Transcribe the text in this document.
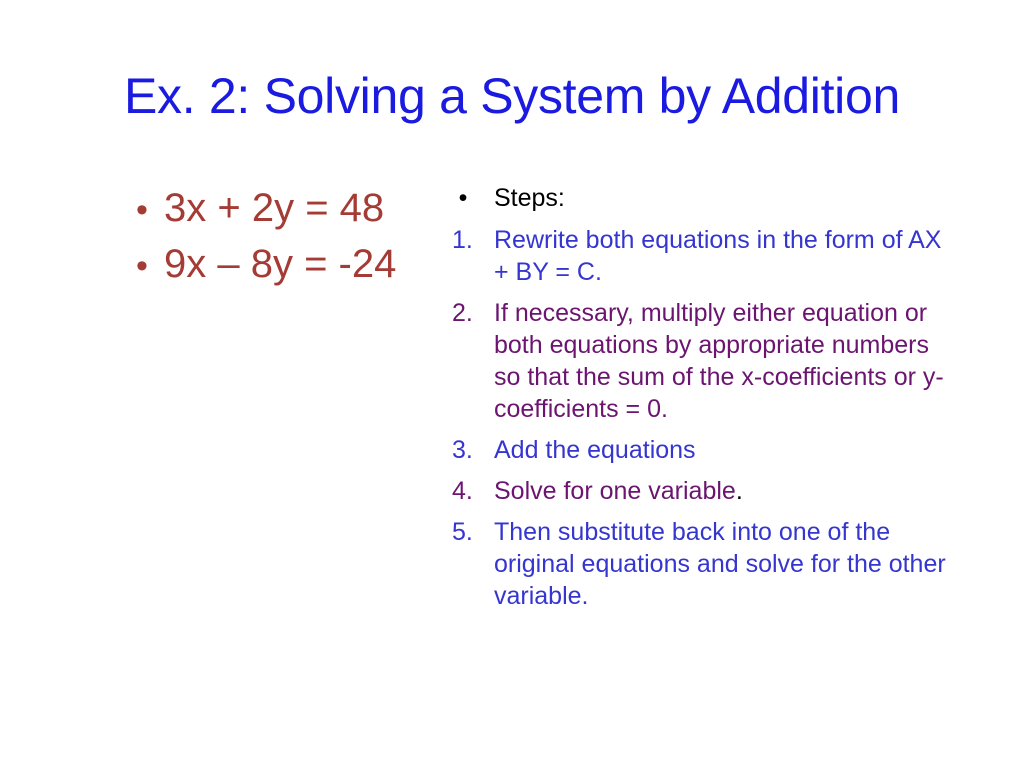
Ex. 2: Solving a System by Addition
• 3x + 2y = 48
• 9x – 8y = -24
• Steps:
1. Rewrite both equations in the form of AX + BY = C.
2. If necessary, multiply either equation or both equations by appropriate numbers so that the sum of the x-coefficients or y-coefficients = 0.
3. Add the equations
4. Solve for one variable.
5. Then substitute back into one of the original equations and solve for the other variable.
